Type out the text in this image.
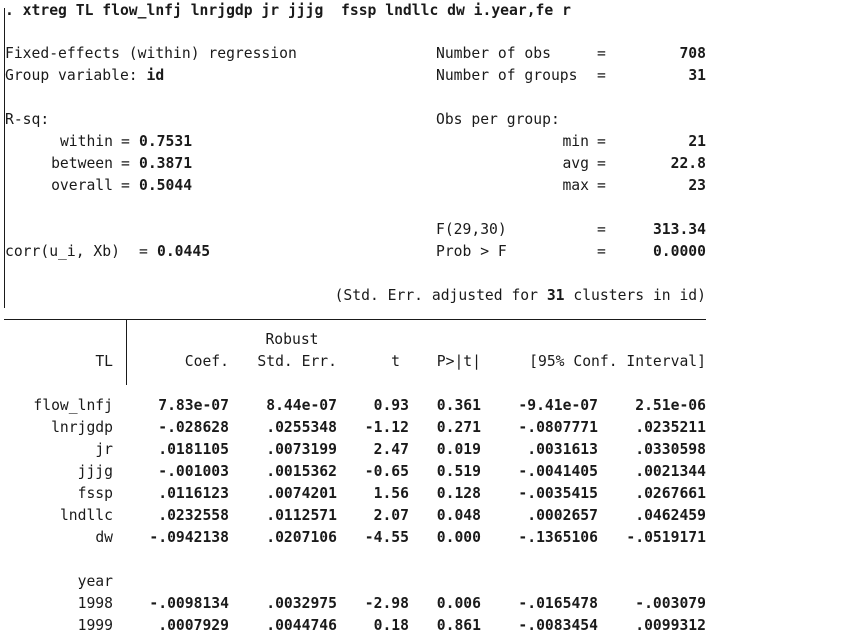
. xtreg TL flow_lnfj lnrjgdp jr jjjg  fssp lndllc dw i.year,fe r
Fixed-effects (within) regression
Group variable: id
Number of obs	=	708
Number of groups =	31
R-sq:	Obs per group:
within = 0.7531
between = 0.3871
overall = 0.5044
min =	21
avg =	22.8
max =	23
F(29,30)	=	313.34
corr(u_i, Xb) = 0.0445	Prob > F	=	0.0000
(Std. Err. adjusted for 31 clusters in id)
Robust
TL	Coef.	Std. Err.	t	P>|t|	[95% Conf. Interval]
flow_lnfj	7.83e-07	8.44e-07	0.93	0.361	-9.41e-07	2.51e-06
lnrjgdp	-.028628	.0255348	-1.12	0.271	-.0807771	.0235211
jr	.0181105	.0073199	2.47	0.019	.0031613	.0330598
jjjg	-.001003	.0015362	-0.65	0.519	-.0041405	.0021344
fssp	.0116123	.0074201	1.56	0.128	-.0035415	.0267661
lndllc	.0232558	.0112571	2.07	0.048	.0002657	.0462459
dw	-.0942138	.0207106	-4.55	0.000	-.1365106	-.0519171
year
1998	-.0098134	.0032975	-2.98	0.006	-.0165478	-.003079
1999	.0007929	.0044746	0.18	0.861	-.0083454	.0099312
